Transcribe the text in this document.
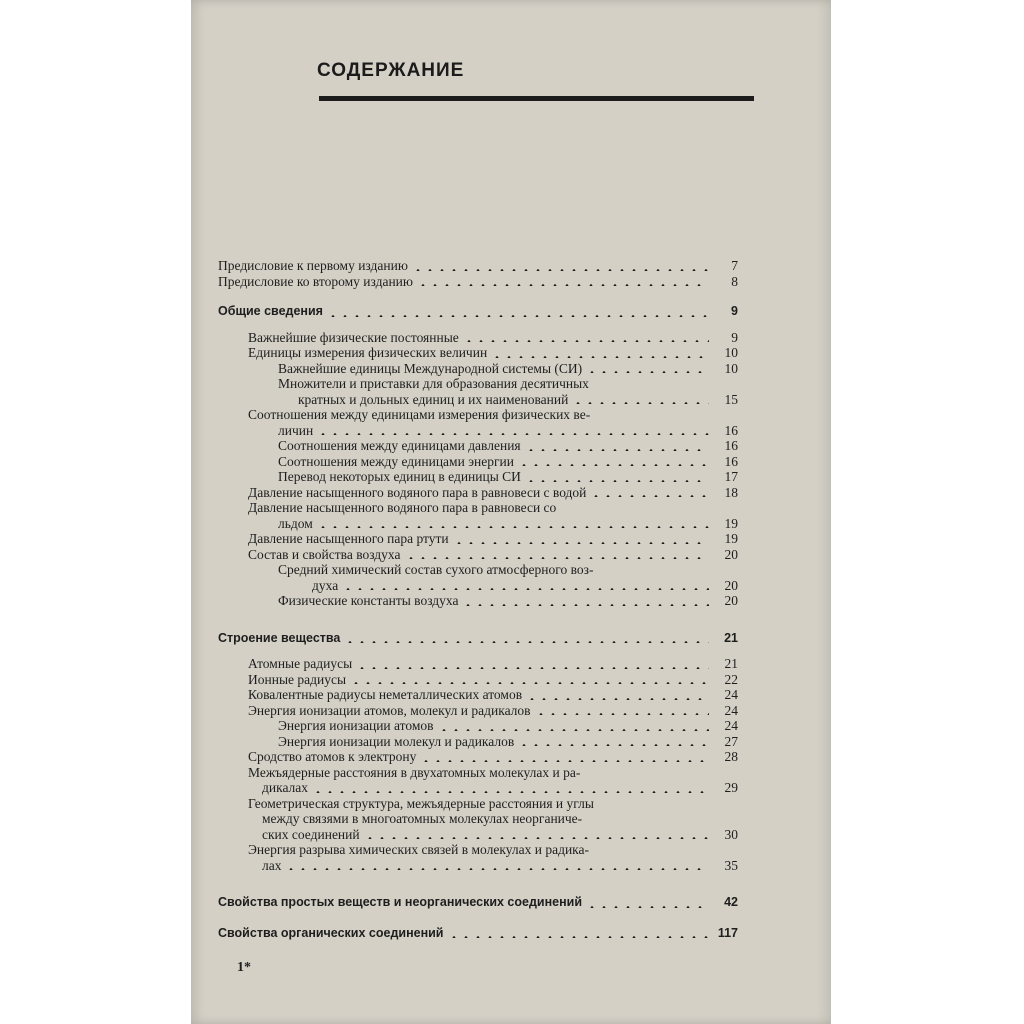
СОДЕРЖАНИЕ
Предисловие к первому изданию	7
Предисловие ко второму изданию	8
Общие сведения	9
Важнейшие физические постоянные	9
Единицы измерения физических величин	10
Важнейшие единицы Международной системы (СИ)	10
Множители и приставки для образования десятичных
кратных и дольных единиц и их наименований	15
Соотношения между единицами измерения физических ве-
личин	16
Соотношения между единицами давления	16
Соотношения между единицами энергии	16
Перевод некоторых единиц в единицы СИ	17
Давление насыщенного водяного пара в равновеси с водой	18
Давление насыщенного водяного пара в равновеси со
льдом	19
Давление насыщенного пара ртути	19
Состав и свойства воздуха	20
Средний химический состав сухого атмосферного воз-
духа	20
Физические константы воздуха	20
Строение вещества	21
Атомные радиусы	21
Ионные радиусы	22
Ковалентные радиусы неметаллических атомов	24
Энергия ионизации атомов, молекул и радикалов	24
Энергия ионизации атомов	24
Энергия ионизации молекул и радикалов	27
Сродство атомов к электрону	28
Межъядерные расстояния в двухатомных молекулах и ра-
дикалах	29
Геометрическая структура, межъядерные расстояния и углы
между связями в многоатомных молекулах неорганиче-
ских соединений	30
Энергия разрыва химических связей в молекулах и радика-
лах	35
Свойства простых веществ и неорганических соединений	42
Свойства органических соединений	117
1*
